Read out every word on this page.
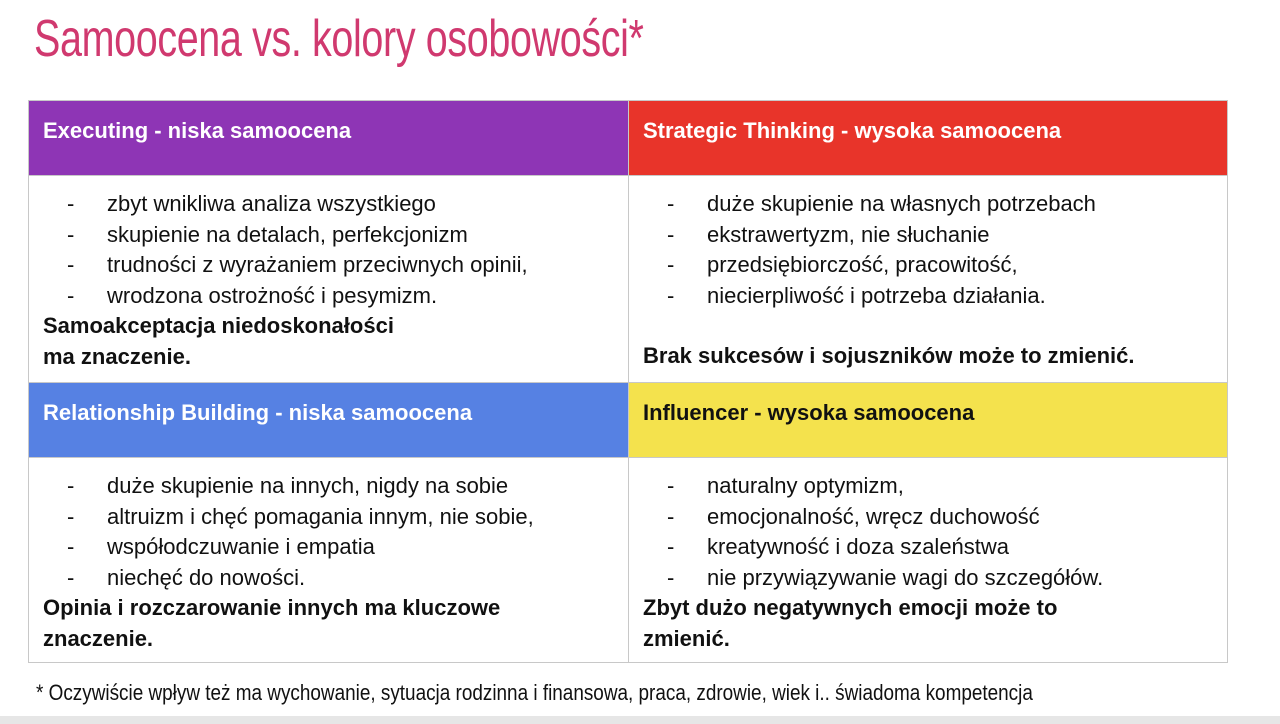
Samoocena vs. kolory osobowości*
Executing - niska samoocena	Strategic Thinking - wysoka samoocena
- zbyt wnikliwa analiza wszystkiego
- skupienie na detalach, perfekcjonizm
- trudności z wyrażaniem przeciwnych opinii,
- wrodzona ostrożność i pesymizm.

Samoakceptacja niedoskonałości
ma znaczenie.

- duże skupienie na własnych potrzebach
- ekstrawertyzm, nie słuchanie
- przedsiębiorczość, pracowitość,
- niecierpliwość i potrzeba działania.

Brak sukcesów i sojuszników może to zmienić.

Relationship Building - niska samoocena	Influencer - wysoka samoocena
- duże skupienie na innych, nigdy na sobie
- altruizm i chęć pomagania innym, nie sobie,
- współodczuwanie i empatia
- niechęć do nowości.

Opinia i rozczarowanie innych ma kluczowe
znaczenie.

- naturalny optymizm,
- emocjonalność, wręcz duchowość
- kreatywność i doza szaleństwa
- nie przywiązywanie wagi do szczegółów.

Zbyt dużo negatywnych emocji może to
zmienić.

* Oczywiście wpływ też ma wychowanie, sytuacja rodzinna i finansowa, praca, zdrowie, wiek i.. świadoma kompetencja
